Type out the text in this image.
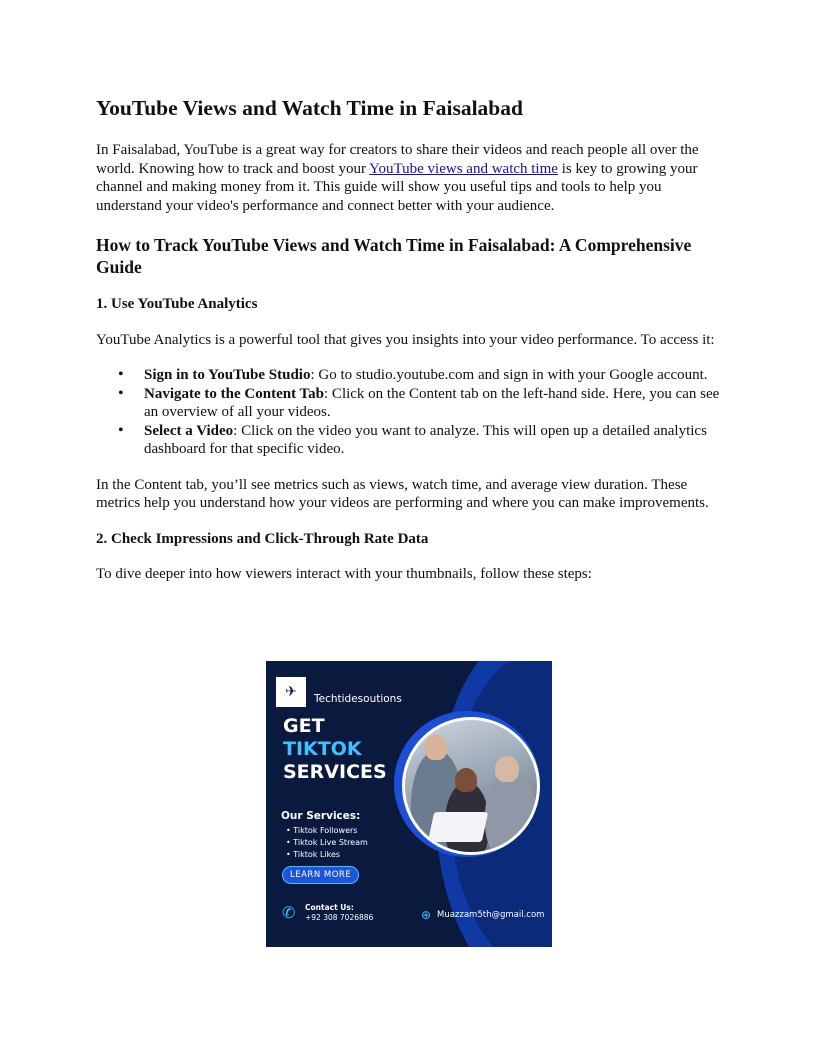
YouTube Views and Watch Time in Faisalabad

In Faisalabad, YouTube is a great way for creators to share their videos and reach people all over the world. Knowing how to track and boost your YouTube views and watch time is key to growing your channel and making money from it. This guide will show you useful tips and tools to help you understand your video's performance and connect better with your audience.

How to Track YouTube Views and Watch Time in Faisalabad: A Comprehensive Guide
1. Use YouTube Analytics

YouTube Analytics is a powerful tool that gives you insights into your video performance. To access it:

• Sign in to YouTube Studio: Go to studio.youtube.com and sign in with your Google account.
• Navigate to the Content Tab: Click on the Content tab on the left-hand side. Here, you can see an overview of all your videos.
• Select a Video: Click on the video you want to analyze. This will open up a detailed analytics dashboard for that specific video.

In the Content tab, you’ll see metrics such as views, watch time, and average view duration. These metrics help you understand how your videos are performing and where you can make improvements.

2. Check Impressions and Click-Through Rate Data

To dive deeper into how viewers interact with your thumbnails, follow these steps:

✈	Techtidesoutions
GET
TIKTOK
SERVICES
Our Services:
• Tiktok Followers
• Tiktok Live Stream
• Tiktok Likes
LEARN MORE
✆ Contact Us:
+92 308 7026886	⊕ Muazzam5th@gmail.com
